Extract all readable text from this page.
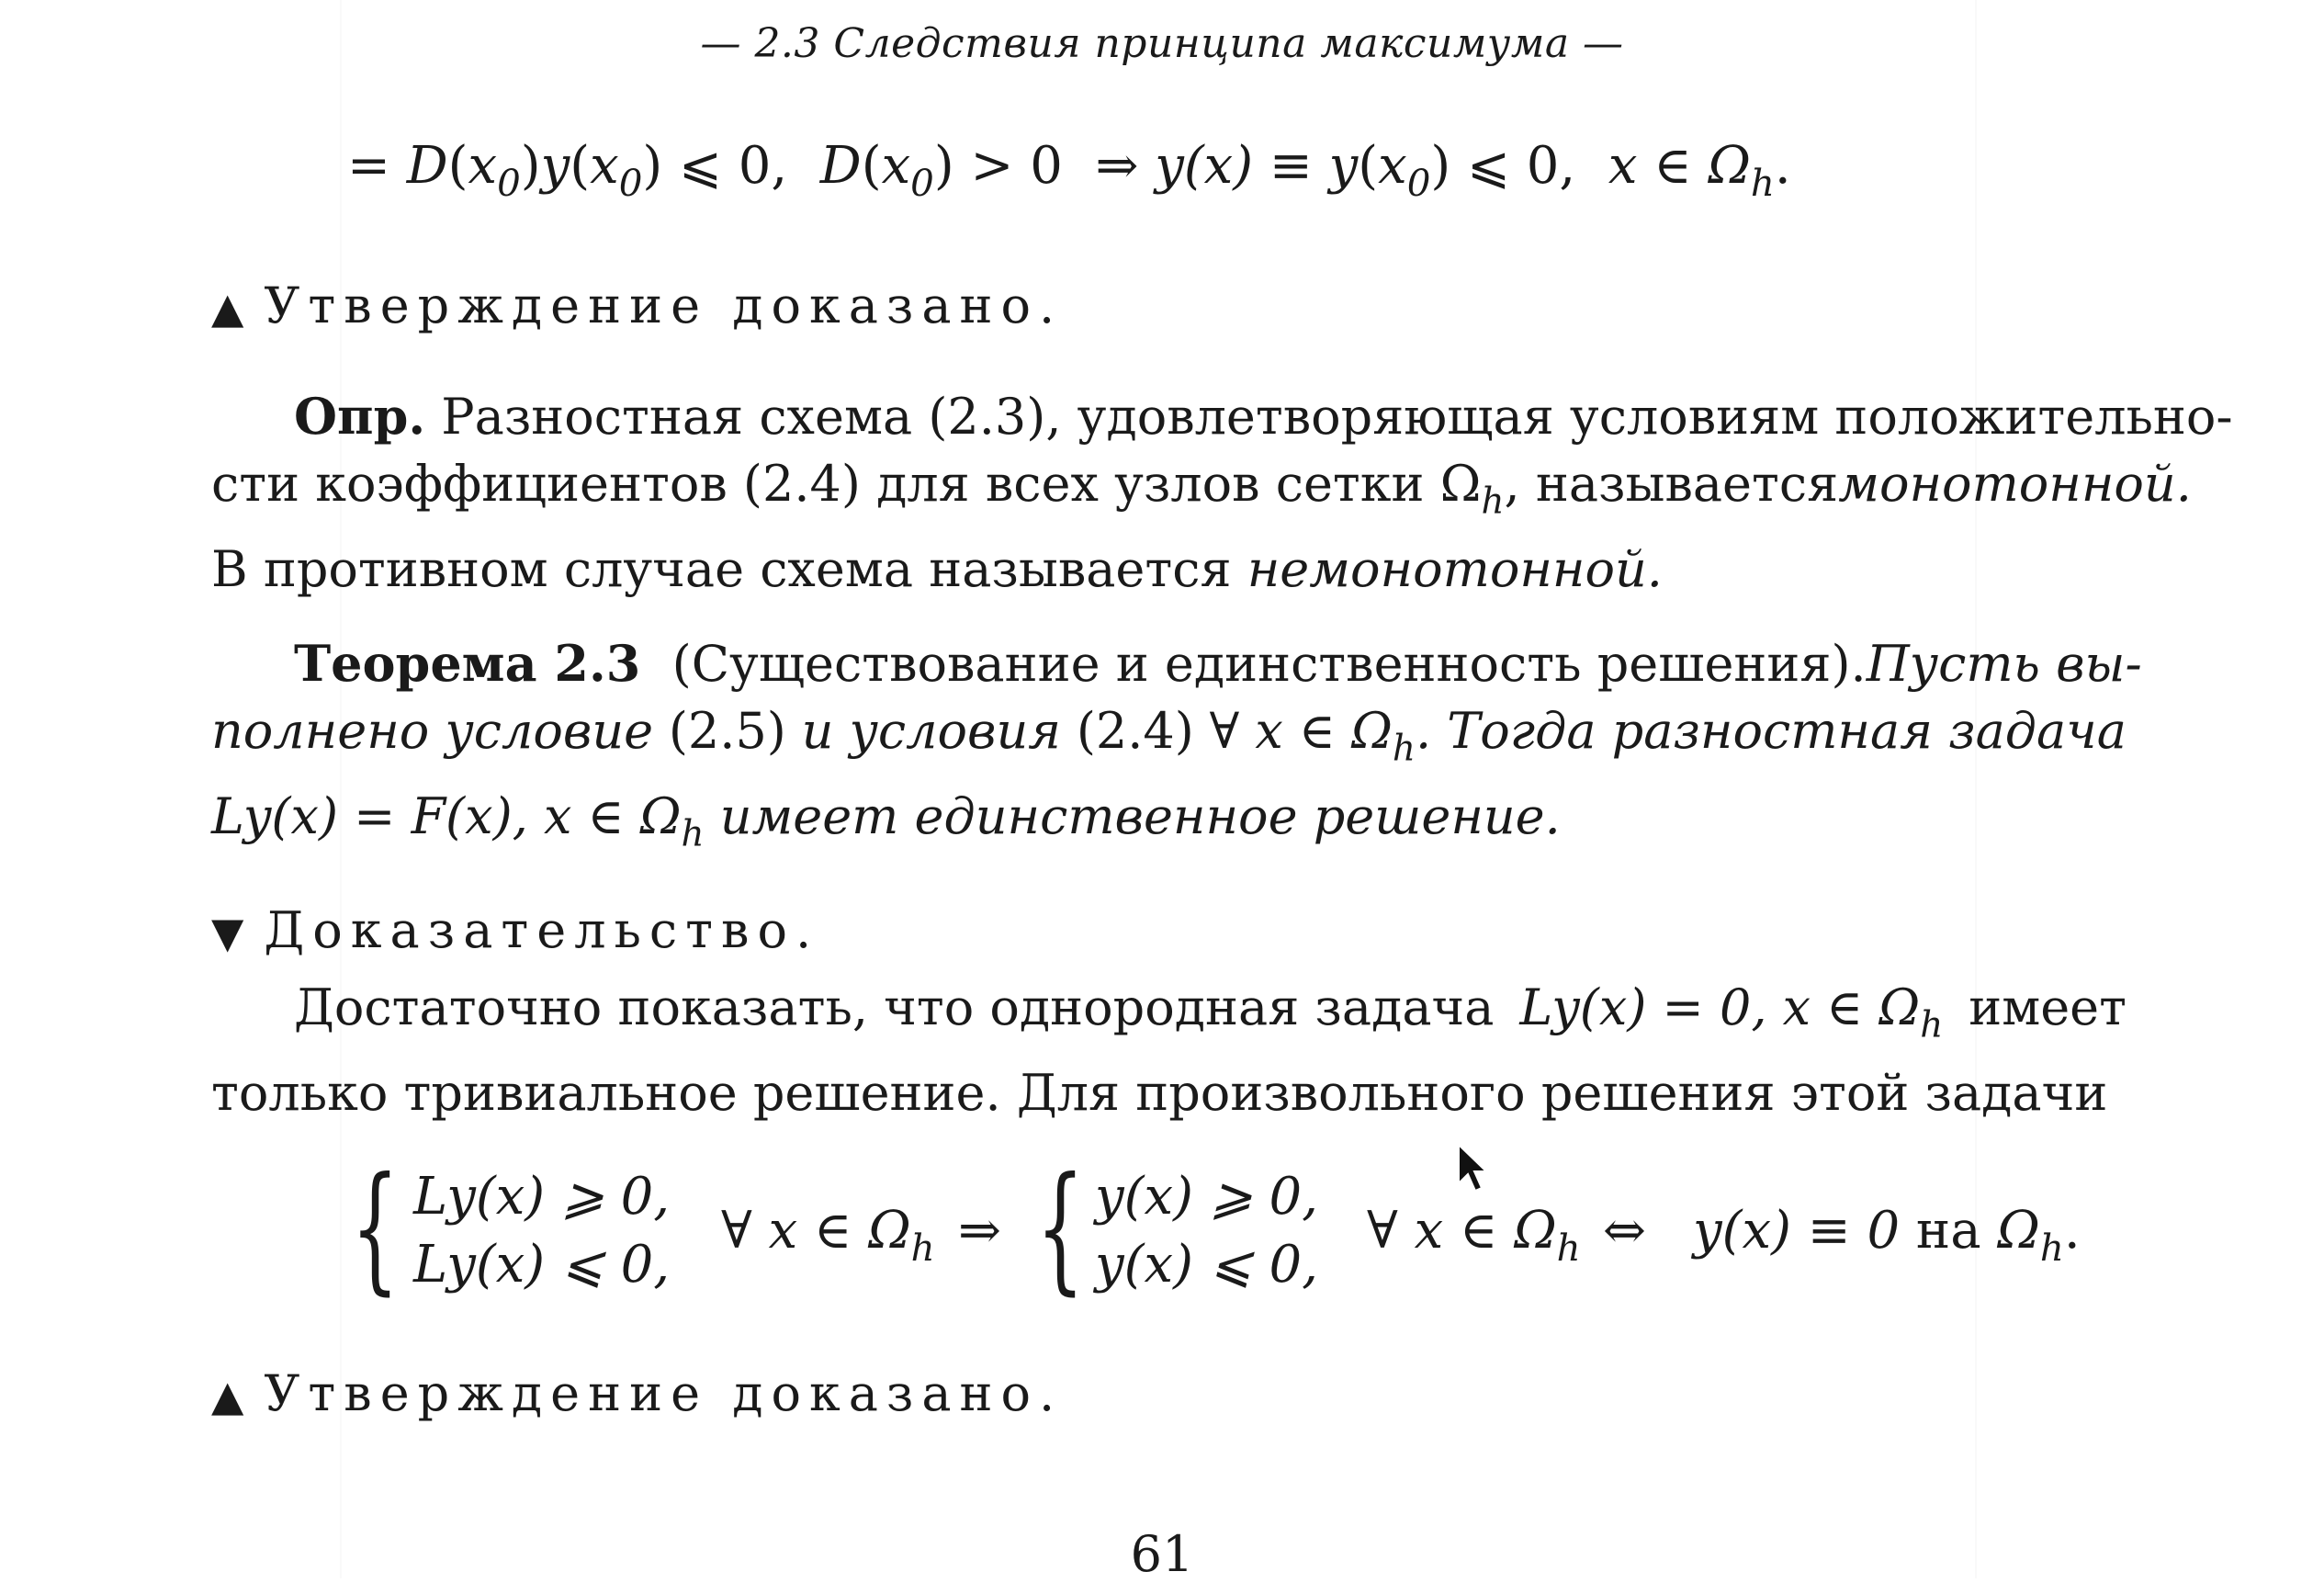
— 2.3 Следствия принципа максимума —
= $D(x_0)y(x_0)$ ⩽ 0, $D(x_0) > 0$ ⇒ $y(x) \equiv y(x_0)$ ⩽ 0, x ∈ $\Omega_h$.
▲ Утверждение доказано.
Опр. Разностная схема (2.3), удовлетворяющая условиям положительно-
сти коэффициентов (2.4) для всех узлов сетки $\Omega_h$, называется монотонной.
В противном случае схема называется немонотонной.
Теорема 2.3 (Существование и единственность решения). Пусть вы-
полнено условие (2.5) и условия (2.4) ∀ x ∈ $\Omega_h$. Тогда разностная задача
Ly(x) = F(x), x ∈ $\Omega_h$ имеет единственное решение.
▼ Доказательство.
Достаточно показать, что однородная задача Ly(x) = 0, x ∈ $\Omega_h$ имеет
только тривиальное решение. Для произвольного решения этой задачи
{ Ly(x) ⩾ 0,
Ly(x) ⩽ 0,
∀ x ∈ $\Omega_h$ ⇒ { y(x) ⩾ 0,
y(x) ⩽ 0,
∀ x ∈ $\Omega_h$ ⇔ y(x) ≡ 0 на $\Omega_h$.
▲ Утверждение доказано.
61
